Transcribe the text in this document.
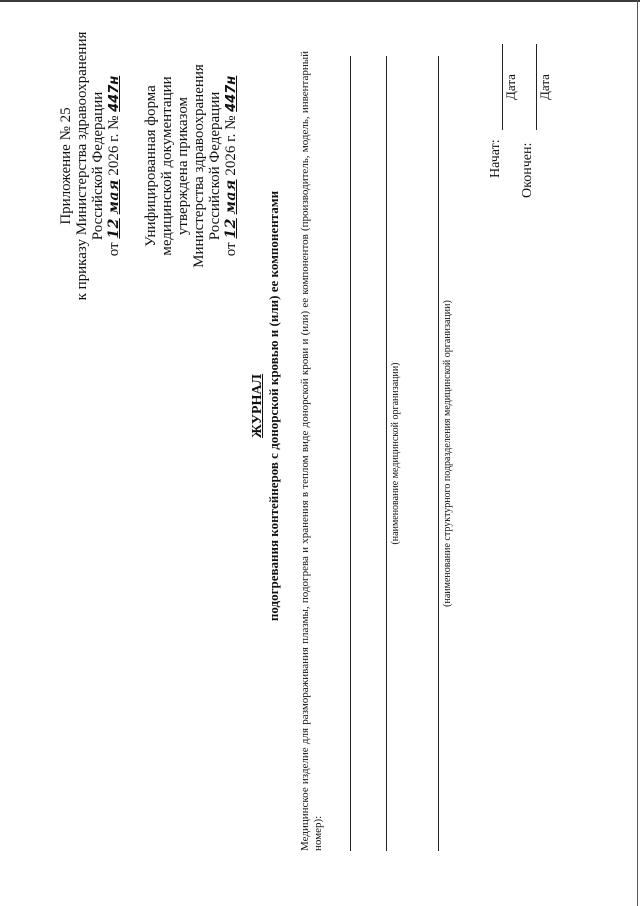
Приложение № 25 к приказу Министерства здравоохранения Российской Федерации
от 12 мая 2026 г. № 447н Унифицированная форма медицинской документации утверждена приказом Министерства здравоохранения Российской Федерации
от 12 мая 2026 г. № 447н
ЖУРНАЛ подогревания контейнеров с донорской кровью и (или) ее компонентами Медицинское изделие для размораживания плазмы, подогрева и хранения в теплом виде донорской крови и (или) ее компонентов (производитель, модель, инвентарный номер):
(наименование медицинской организации)	(наименование структурного подразделения медицинской организации)
Начат:
Дата
Окончен:
Дата
